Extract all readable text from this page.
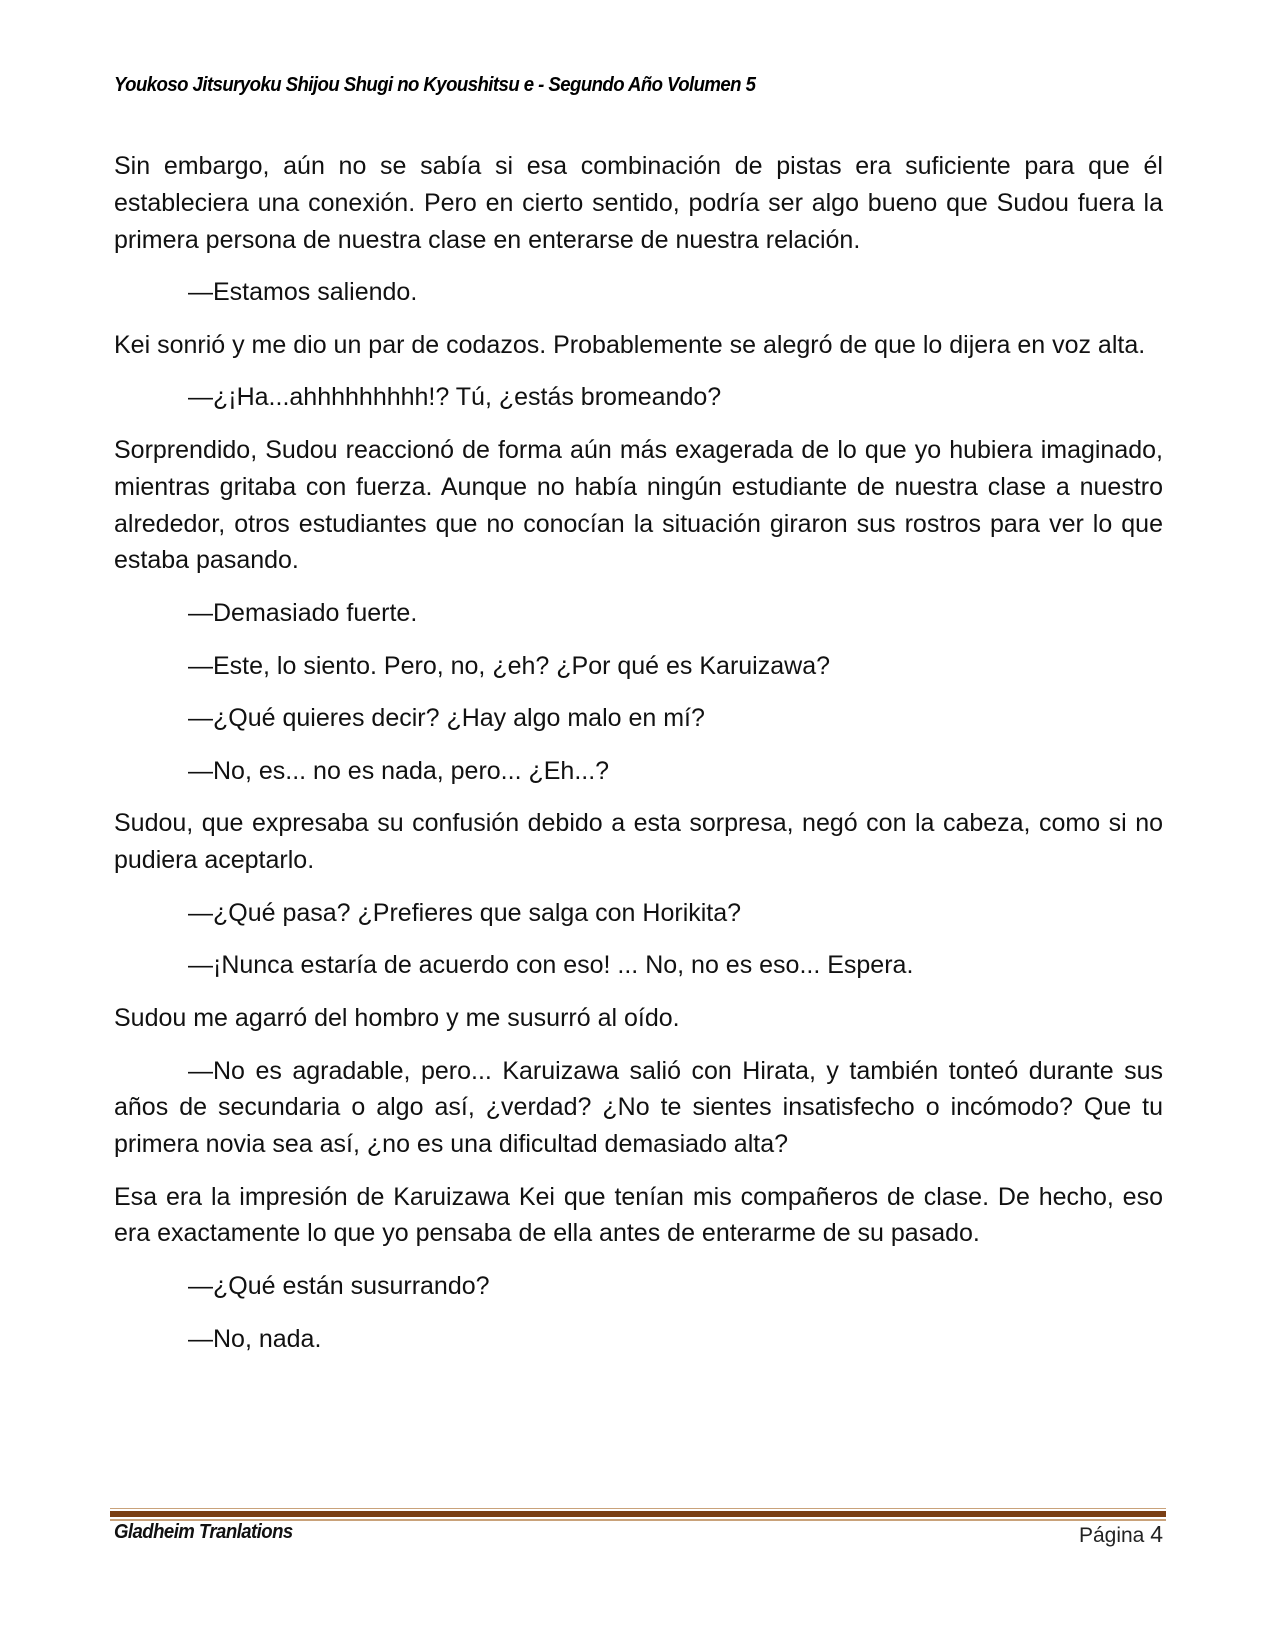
Youkoso Jitsuryoku Shijou Shugi no Kyoushitsu e - Segundo Año Volumen 5

Sin embargo, aún no se sabía si esa combinación de pistas era suficiente para que él estableciera una conexión. Pero en cierto sentido, podría ser algo bueno que Sudou fuera la primera persona de nuestra clase en enterarse de nuestra relación.

—Estamos saliendo.

Kei sonrió y me dio un par de codazos. Probablemente se alegró de que lo dijera en voz alta.

—¿¡Ha...ahhhhhhhhh!? Tú, ¿estás bromeando?

Sorprendido, Sudou reaccionó de forma aún más exagerada de lo que yo hubiera imaginado, mientras gritaba con fuerza. Aunque no había ningún estudiante de nuestra clase a nuestro alrededor, otros estudiantes que no conocían la situación giraron sus rostros para ver lo que estaba pasando.

—Demasiado fuerte.

—Este, lo siento. Pero, no, ¿eh? ¿Por qué es Karuizawa?

—¿Qué quieres decir? ¿Hay algo malo en mí?

—No, es... no es nada, pero... ¿Eh...?

Sudou, que expresaba su confusión debido a esta sorpresa, negó con la cabeza, como si no pudiera aceptarlo.

—¿Qué pasa? ¿Prefieres que salga con Horikita?

—¡Nunca estaría de acuerdo con eso! ... No, no es eso... Espera.

Sudou me agarró del hombro y me susurró al oído.

—No es agradable, pero... Karuizawa salió con Hirata, y también tonteó durante sus años de secundaria o algo así, ¿verdad? ¿No te sientes insatisfecho o incómodo? Que tu primera novia sea así, ¿no es una dificultad demasiado alta?

Esa era la impresión de Karuizawa Kei que tenían mis compañeros de clase. De hecho, eso era exactamente lo que yo pensaba de ella antes de enterarme de su pasado.

—¿Qué están susurrando?

—No, nada.

Gladheim Tranlations	Página 4
